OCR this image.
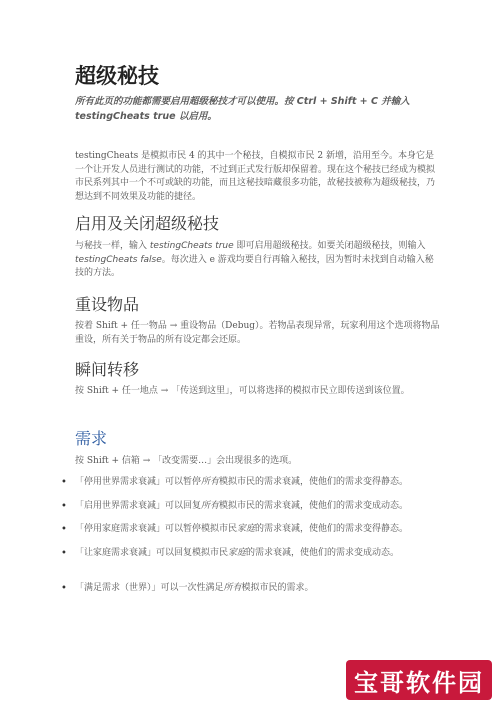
超级秘技
所有此页的功能都需要启用超级秘技才可以使用。按 Ctrl + Shift + C 并输入 testingCheats true 以启用。
testingCheats 是模拟市民 4 的其中一个秘技，自模拟市民 2 新增，沿用至今。本身它是一个让开发人员进行测试的功能，不过到正式发行版却保留着。现在这个秘技已经成为模拟市民系列其中一个不可或缺的功能，而且这秘技暗藏很多功能，故秘技被称为超级秘技，乃想达到不同效果及功能的捷径。
启用及关闭超级秘技
与秘技一样，输入 testingCheats true 即可启用超级秘技。如要关闭超级秘技，则输入 testingCheats false。每次进入 e 游戏均要自行再输入秘技，因为暂时未找到自动输入秘技的方法。
重设物品
按着 Shift + 任一物品 → 重设物品（Debug）。若物品表现异常，玩家利用这个选项将物品重设，所有关于物品的所有设定都会还原。
瞬间转移
按 Shift + 任一地点 → 「传送到这里」，可以将选择的模拟市民立即传送到该位置。
需求
按 Shift + 信箱 → 「改变需要…」会出现很多的选项。
• 「停用世界需求衰减」可以暂停所有模拟市民的需求衰减，使他们的需求变得静态。
• 「启用世界需求衰减」可以回复所有模拟市民的需求衰减，使他们的需求变成动态。
• 「停用家庭需求衰减」可以暂停模拟市民家庭的需求衰减，使他们的需求变得静态。
• 「让家庭需求衰减」可以回复模拟市民家庭的需求衰减，使他们的需求变成动态。
• 「满足需求（世界）」可以一次性满足所有模拟市民的需求。
宝哥软件园
